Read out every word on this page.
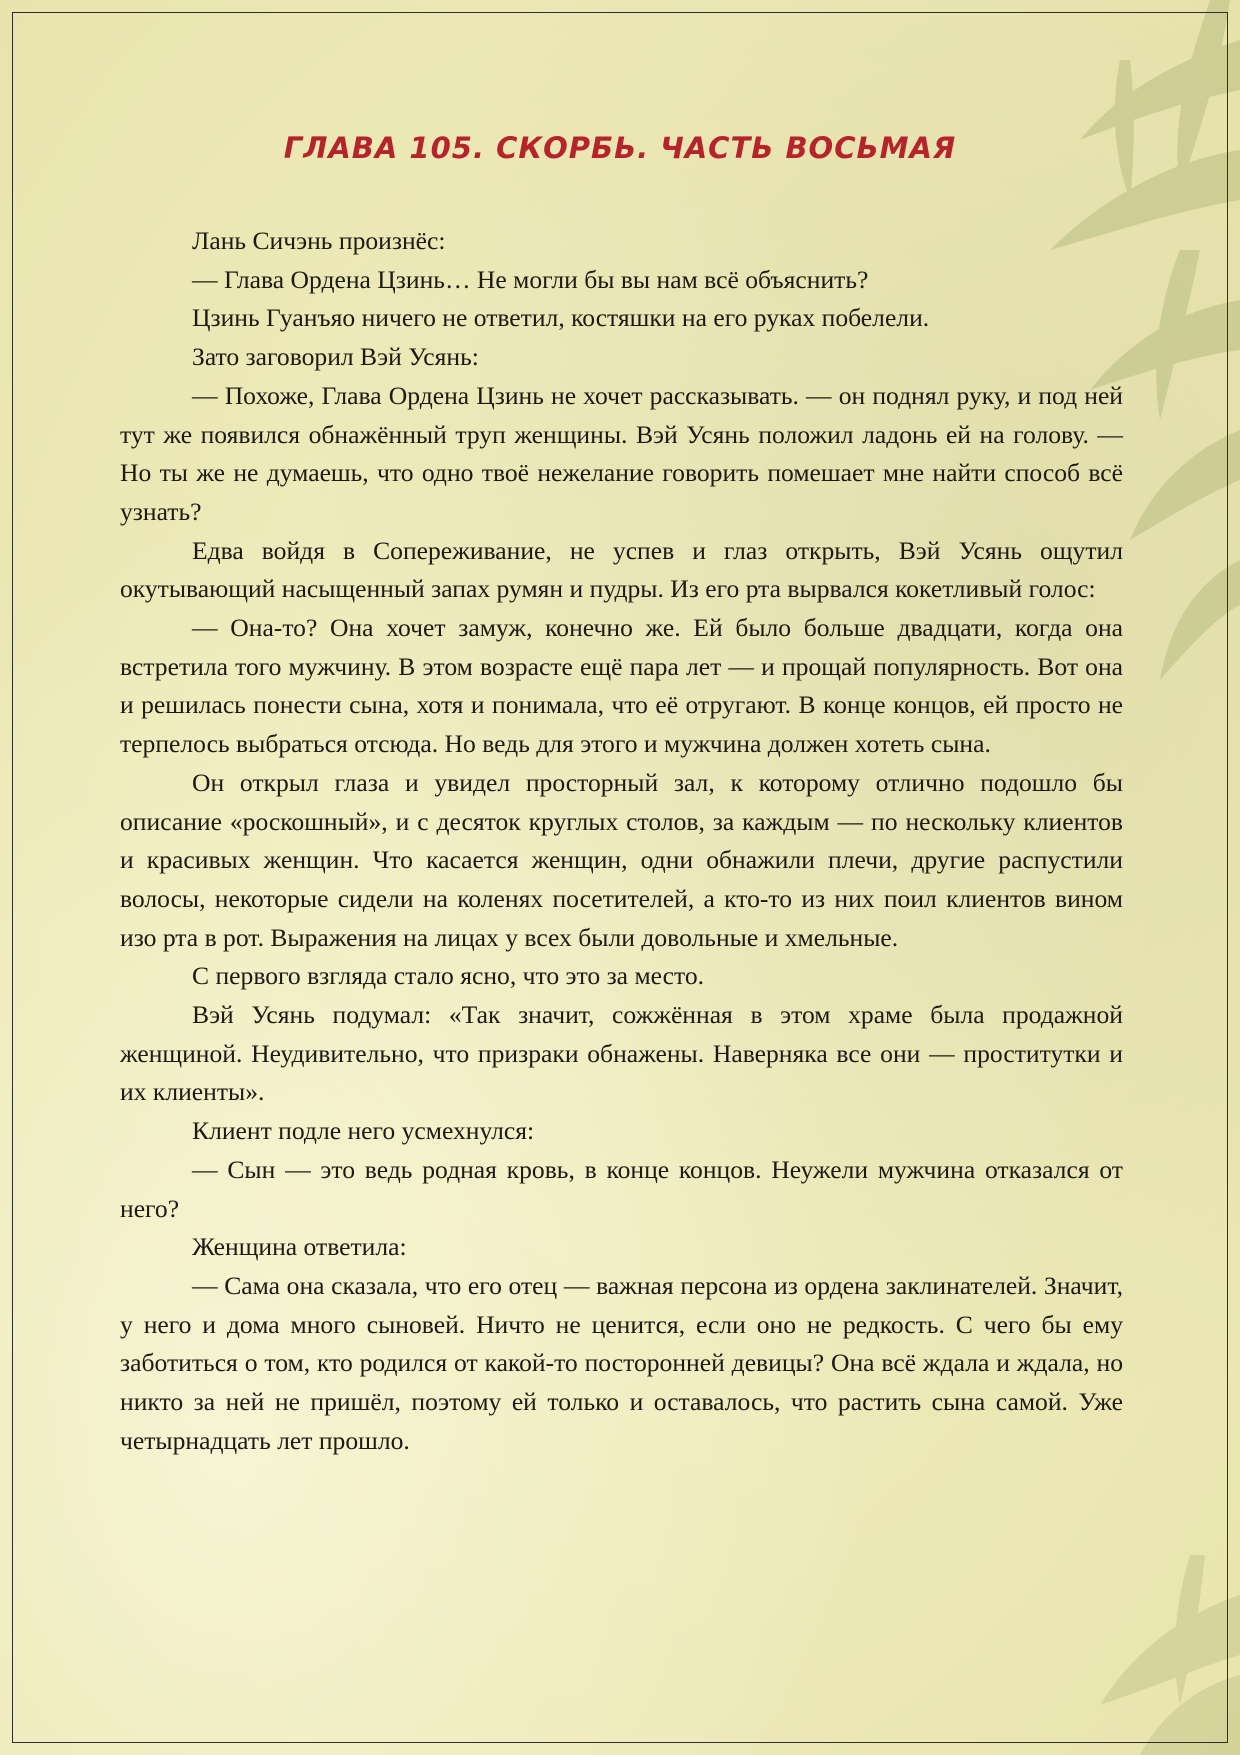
ГЛАВА 105. СКОРБЬ. ЧАСТЬ ВОСЬМАЯ

Лань Сичэнь произнёс:

— Глава Ордена Цзинь… Не могли бы вы нам всё объяснить?

Цзинь Гуанъяо ничего не ответил, костяшки на его руках побелели.

Зато заговорил Вэй Усянь:

— Похоже, Глава Ордена Цзинь не хочет рассказывать. — он поднял руку, и под ней тут же появился обнажённый труп женщины. Вэй Усянь положил ладонь ей на голову. — Но ты же не думаешь, что одно твоё нежелание говорить помешает мне найти способ всё узнать?

Едва войдя в Сопереживание, не успев и глаз открыть, Вэй Усянь ощутил окутывающий насыщенный запах румян и пудры. Из его рта вырвался кокетливый голос:

— Она-то? Она хочет замуж, конечно же. Ей было больше двадцати, когда она встретила того мужчину. В этом возрасте ещё пара лет — и прощай популярность. Вот она и решилась понести сына, хотя и понимала, что её отругают. В конце концов, ей просто не терпелось выбраться отсюда. Но ведь для этого и мужчина должен хотеть сына.

Он открыл глаза и увидел просторный зал, к которому отлично подошло бы описание «роскошный», и с десяток круглых столов, за каждым — по нескольку клиентов и красивых женщин. Что касается женщин, одни обнажили плечи, другие распустили волосы, некоторые сидели на коленях посетителей, а кто-то из них поил клиентов вином изо рта в рот. Выражения на лицах у всех были довольные и хмельные.

С первого взгляда стало ясно, что это за место.

Вэй Усянь подумал: «Так значит, сожжённая в этом храме была продажной женщиной. Неудивительно, что призраки обнажены. Наверняка все они — проститутки и их клиенты».

Клиент подле него усмехнулся:

— Сын — это ведь родная кровь, в конце концов. Неужели мужчина отказался от него?

Женщина ответила:

— Сама она сказала, что его отец — важная персона из ордена заклинателей. Значит, у него и дома много сыновей. Ничто не ценится, если оно не редкость. С чего бы ему заботиться о том, кто родился от какой-то посторонней девицы? Она всё ждала и ждала, но никто за ней не пришёл, поэтому ей только и оставалось, что растить сына самой. Уже четырнадцать лет прошло.
